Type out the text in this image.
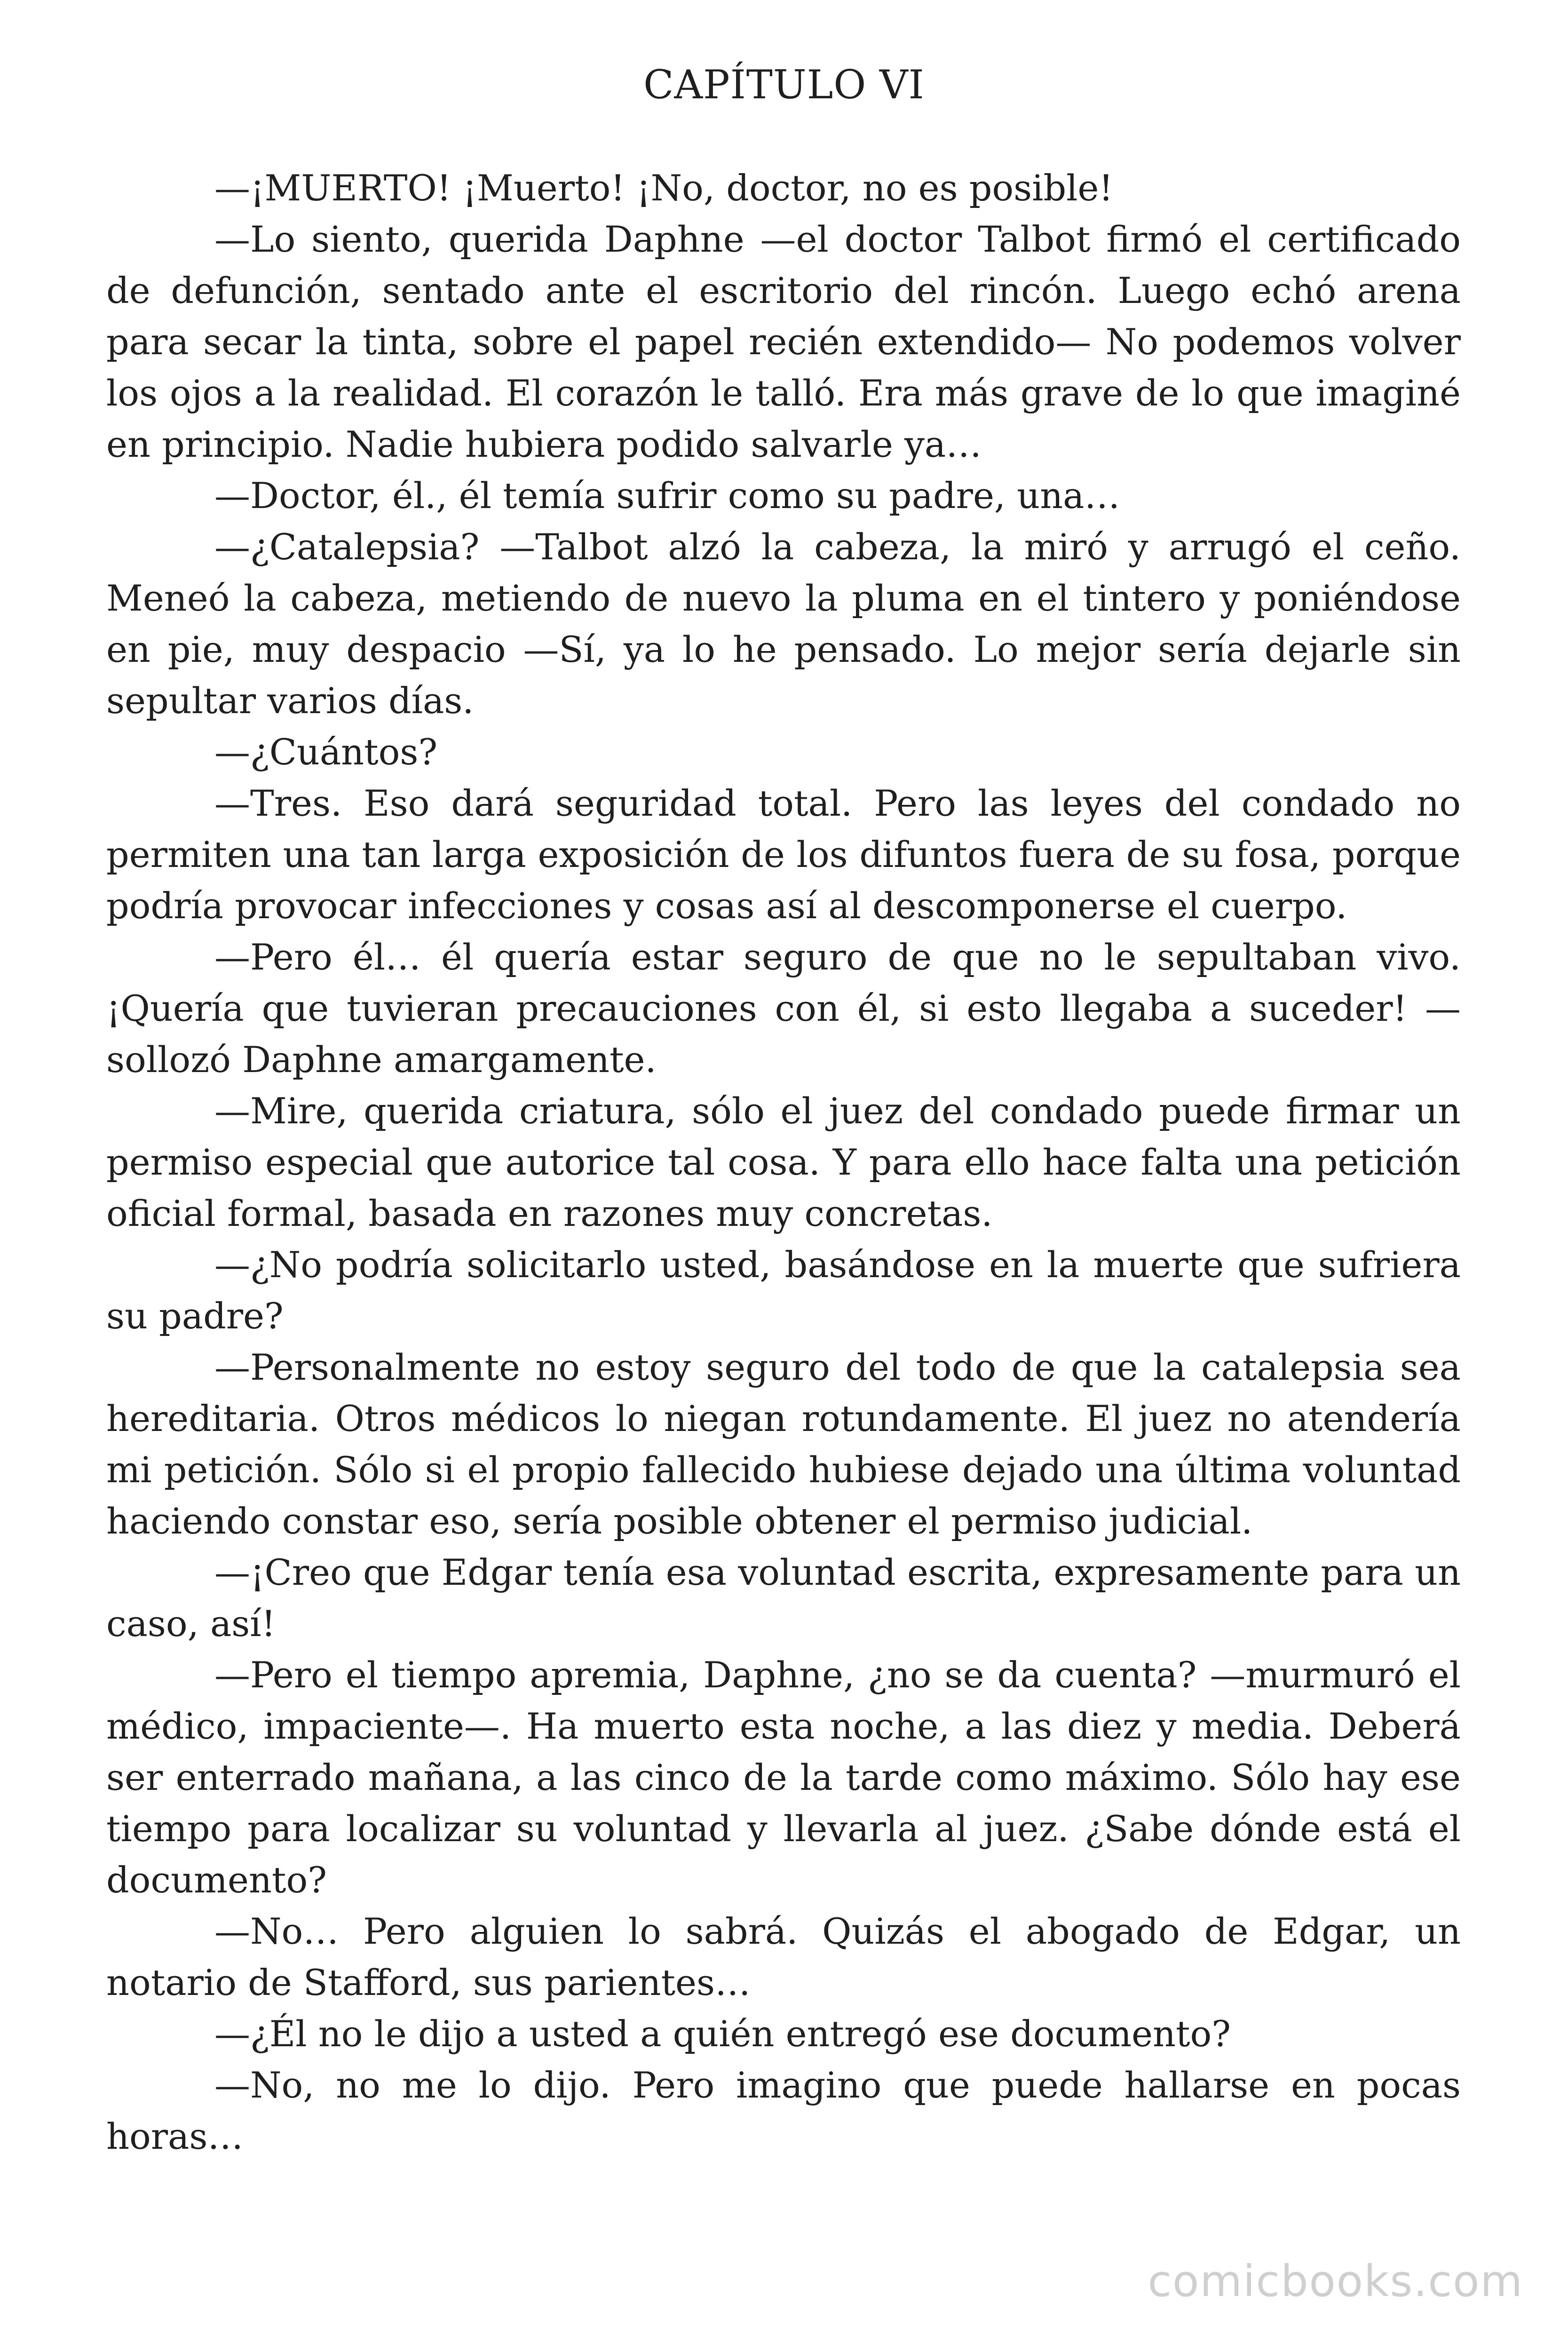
CAPÍTULO VI

—¡MUERTO! ¡Muerto! ¡No, doctor, no es posible!

—Lo siento, querida Daphne —el doctor Talbot firmó el certificado de defunción, sentado ante el escritorio del rincón. Luego echó arena para secar la tinta, sobre el papel recién extendido— No podemos volver los ojos a la realidad. El corazón le talló. Era más grave de lo que imaginé en principio. Nadie hubiera podido salvarle ya…

—Doctor, él., él temía sufrir como su padre, una…

—¿Catalepsia? —Talbot alzó la cabeza, la miró y arrugó el ceño. Meneó la cabeza, metiendo de nuevo la pluma en el tintero y poniéndose en pie, muy despacio —Sí, ya lo he pensado. Lo mejor sería dejarle sin sepultar varios días.

—¿Cuántos?

—Tres. Eso dará seguridad total. Pero las leyes del condado no permiten una tan larga exposición de los difuntos fuera de su fosa, porque podría provocar infecciones y cosas así al descomponerse el cuerpo.

—Pero él… él quería estar seguro de que no le sepultaban vivo. ¡Quería que tuvieran precauciones con él, si esto llegaba a suceder! —sollozó Daphne amargamente.

—Mire, querida criatura, sólo el juez del condado puede firmar un permiso especial que autorice tal cosa. Y para ello hace falta una petición oficial formal, basada en razones muy concretas.

—¿No podría solicitarlo usted, basándose en la muerte que sufriera su padre?

—Personalmente no estoy seguro del todo de que la catalepsia sea hereditaria. Otros médicos lo niegan rotundamente. El juez no atendería mi petición. Sólo si el propio fallecido hubiese dejado una última voluntad haciendo constar eso, sería posible obtener el permiso judicial.

—¡Creo que Edgar tenía esa voluntad escrita, expresamente para un caso, así!

—Pero el tiempo apremia, Daphne, ¿no se da cuenta? —murmuró el médico, impaciente—. Ha muerto esta noche, a las diez y media. Deberá ser enterrado mañana, a las cinco de la tarde como máximo. Sólo hay ese tiempo para localizar su voluntad y llevarla al juez. ¿Sabe dónde está el documento?

—No… Pero alguien lo sabrá. Quizás el abogado de Edgar, un notario de Stafford, sus parientes…

—¿Él no le dijo a usted a quién entregó ese documento?

—No, no me lo dijo. Pero imagino que puede hallarse en pocas horas…

comicbooks.com
